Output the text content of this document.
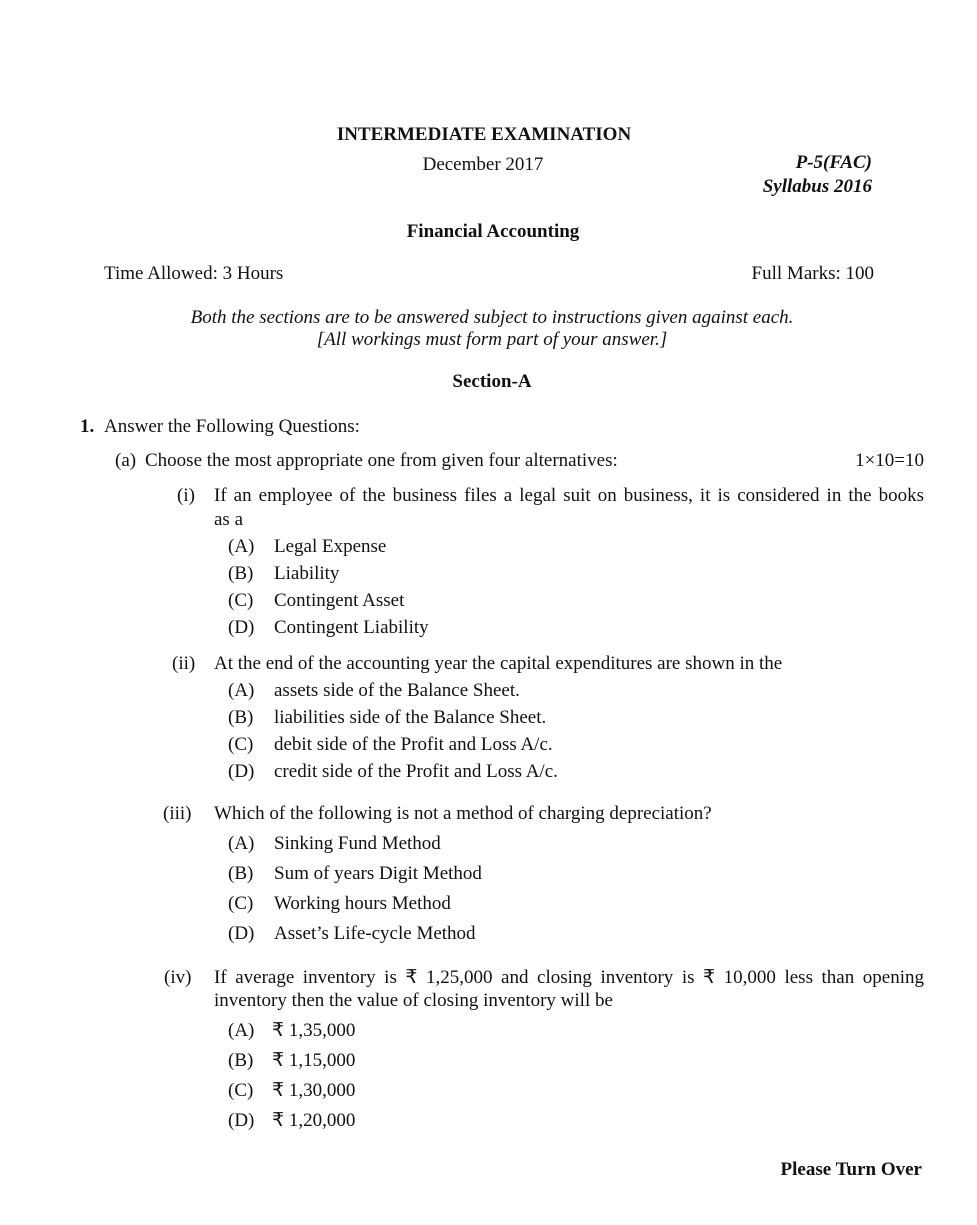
INTERMEDIATE EXAMINATION
December 2017	P-5(FAC)
Syllabus 2016
Financial Accounting
Time Allowed: 3 Hours	Full Marks: 100
Both the sections are to be answered subject to instructions given against each.
[All workings must form part of your answer.]
Section-A
1. Answer the Following Questions:
(a) Choose the most appropriate one from given four alternatives:	1×10=10
(i) If an employee of the business files a legal suit on business, it is considered in the books
as a
(A) Legal Expense
(B) Liability
(C) Contingent Asset
(D) Contingent Liability
(ii) At the end of the accounting year the capital expenditures are shown in the
(A) assets side of the Balance Sheet.
(B) liabilities side of the Balance Sheet.
(C) debit side of the Profit and Loss A/c.
(D) credit side of the Profit and Loss A/c.
(iii) Which of the following is not a method of charging depreciation?
(A) Sinking Fund Method
(B) Sum of years Digit Method
(C) Working hours Method
(D) Asset’s Life-cycle Method
(iv) If average inventory is ₹ 1,25,000 and closing inventory is ₹ 10,000 less than opening
inventory then the value of closing inventory will be
(A) ₹ 1,35,000
(B) ₹ 1,15,000
(C) ₹ 1,30,000
(D) ₹ 1,20,000
Please Turn Over
